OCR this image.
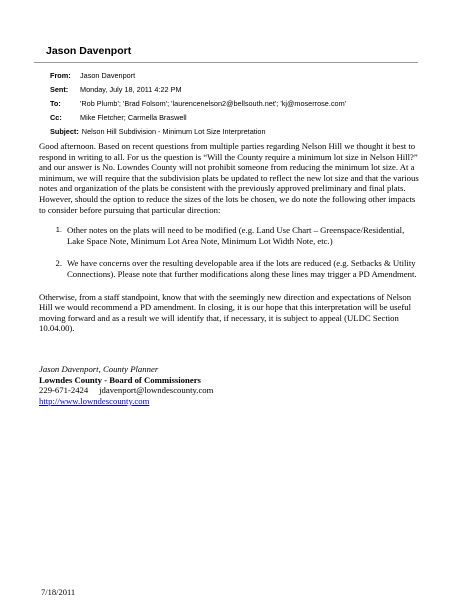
Jason Davenport
From:	Jason Davenport
Sent:	Monday, July 18, 2011 4:22 PM
To:	'Rob Plumb'; 'Brad Folsom'; 'laurencenelson2@bellsouth.net'; 'kj@moserrose.com'
Cc:	Mike Fletcher; Carmella Braswell
Subject: Nelson Hill Subdivision - Minimum Lot Size Interpretation

Good afternoon. Based on recent questions from multiple parties regarding Nelson Hill we thought it best to respond in writing to all. For us the question is “Will the County require a minimum lot size in Nelson Hill?” and our answer is No. Lowndes County will not prohibit someone from reducing the minimum lot size. At a minimum, we will require that the subdivision plats be updated to reflect the new lot size and that the various notes and organization of the plats be consistent with the previously approved preliminary and final plats. However, should the option to reduce the sizes of the lots be chosen, we do note the following other impacts to consider before pursuing that particular direction:

1. Other notes on the plats will need to be modified (e.g. Land Use Chart – Greenspace/Residential, Lake Space Note, Minimum Lot Area Note, Minimum Lot Width Note, etc.)
2. We have concerns over the resulting developable area if the lots are reduced (e.g. Setbacks & Utility Connections). Please note that further modifications along these lines may trigger a PD Amendment.

Otherwise, from a staff standpoint, know that with the seemingly new direction and expectations of Nelson Hill we would recommend a PD amendment. In closing, it is our hope that this interpretation will be useful moving forward and as a result we will identify that, if necessary, it is subject to appeal (ULDC Section 10.04.00).

Jason Davenport, County Planner
Lowndes County - Board of Commissioners
229-671-2424     jdavenport@lowndescounty.com
http://www.lowndescounty.com
7/18/2011
